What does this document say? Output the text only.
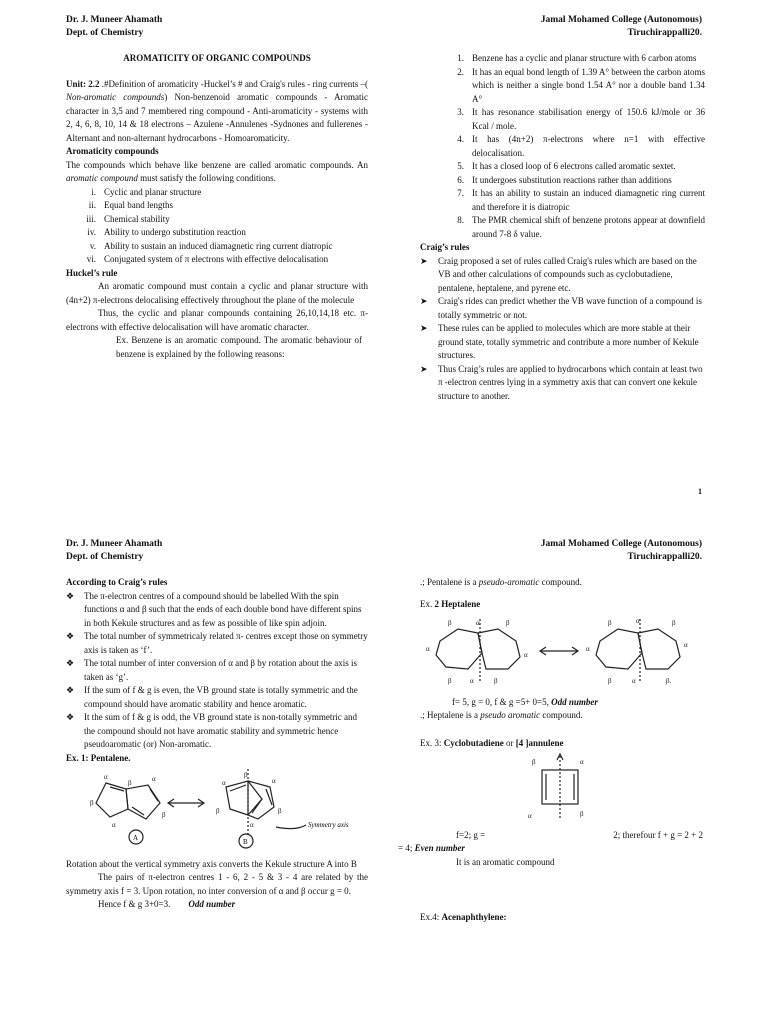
Dr. J. Muneer Ahamath
Dept. of Chemistry
Jamal Mohamed College (Autonomous)
Tiruchirappalli20.
AROMATICITY OF ORGANIC COMPOUNDS

Unit: 2.2 .#Definition of aromaticity -Huckel’s # and Craig's rules - ring currents –( Non-aromatic compounds) Non-benzenoid aromatic compounds - Aromatic character in 3,5 and 7 membered ring compound - Anti-aromaticity - systems with 2, 4, 6, 8, 10, 14 & 18 electrons – Azulene -Annulenes -Sydnones and fullerenes -Alternant and non-alternant hydrocarbons - Homoaromaticity.

Aromaticity compounds

The compounds which behave like benzene are called aromatic compounds. An aromatic compound must satisfy the following conditions.

i. Cyclic and planar structure
ii. Equal band lengths
iii. Chemical stability
iv. Ability to undergo substitution reaction
v. Ability to sustain an induced diamagnetic ring current diatropic
vi. Conjugated system of π electrons with effective delocalisation
Huckel’s rule

An aromatic compound must contain a cyclic and planar structure with (4n+2) π-electrons delocalising effectively throughout the plane of the molecule

Thus, the cyclic and planar compounds containing 26,10,14,18 etc. π-electrons with effective delocalisation will have aromatic character.

Ex. Benzene is an aromatic compound. The aromatic behaviour of benzene is explained by the following reasons:

1. Benzene has a cyclic and planar structure with 6 carbon atoms
2. It has an equal bond length of 1.39 A° between the carbon atoms which is neither a single bond 1.54 A° nor a double band 1.34 A°
3. It has resonance stabilisation energy of 150.6 kJ/mole or 36 Kcal / mole.
4. It has (4n+2) π-electrons where n=1 with effective delocalisation.
5. It has a closed loop of 6 electrons called aromatic sextet.
6. It undergoes substitution reactions rather than additions
7. It has an ability to sustain an induced diamagnetic ring current and therefore it is diatropic
8. The PMR chemical shift of benzene protons appear at downfield around 7-8 δ value.
Craig’s rules
➤	Craig proposed a set of rules called Craig's rules which are based on the VB and other calculations of compounds such as cyclobutadiene, pentalene, heptalene, and pyrene etc.
➤	Craig's rides can predict whether the VB wave function of a compound is totally symmetric or not.
➤	These rules can be applied to molecules which are more stable at their ground state, totally symmetric and contribute a more number of Kekule structures.
➤	Thus Craig’s rules are applied to hydrocarbons which contain at least two π -electron centres lying in a symmetry axis that can convert one kekule structure to another.
1
Dr. J. Muneer Ahamath
Dept. of Chemistry
Jamal Mohamed College (Autonomous)
Tiruchirappalli20.
According to Craig’s rules
❖	The π-electron centres of a compound should be labelled With the spin functions α and β such that the ends of each double bond have different spins in both Kekule structures and as few as possible of like spin adjoin.
❖	The total number of symmetricaly related π- centres except those on symmetry axis is taken as ‘f’.
❖	The total number of inter conversion of α and β by rotation about the axis is taken as ‘g’.
❖	If the sum of f & g is even, the VB ground state is totally symmetric and the compound should have aromatic stability and hence aromatic.
❖	It the sum of f & g is odd, the VB ground state is non-totally symmetric and the compound should not have aromatic stability and symmetric hence pseudoaromatic (or) Non-aromatic.
Ex. 1: Pentalene.
α
β	α
β
α
β
α
β
α
β
α
β
A	B
Symmetry axis

Rotation about the vertical symmetry axis converts the Kekule structure A into B

The pairs of π-electron centres 1 - 6, 2 - 5 & 3 - 4 are related by the symmetry axis f = 3. Upon rotation, no inter conversion of α and β occur g = 0.

Hence f & g 3+0=3. Odd number
.; Pentalene is a pseudo-aromatic compound.
Ex. 2 Heptalene
β	α	β
α
α
β	α	β
β	α	β
α	α
β	α	β.
f= 5, g = 0, f & g =5+ 0=5, Odd number
.; Heptalene is a pseudo aromatic compound.
Ex. 3: Cyclobutadiene or [4 ]annulene
β	α
α	β
f=2; g =	2; therefour f + g = 2 + 2
= 4; Even number
It is an aromatic compound
Ex.4: Acenaphthylene:
